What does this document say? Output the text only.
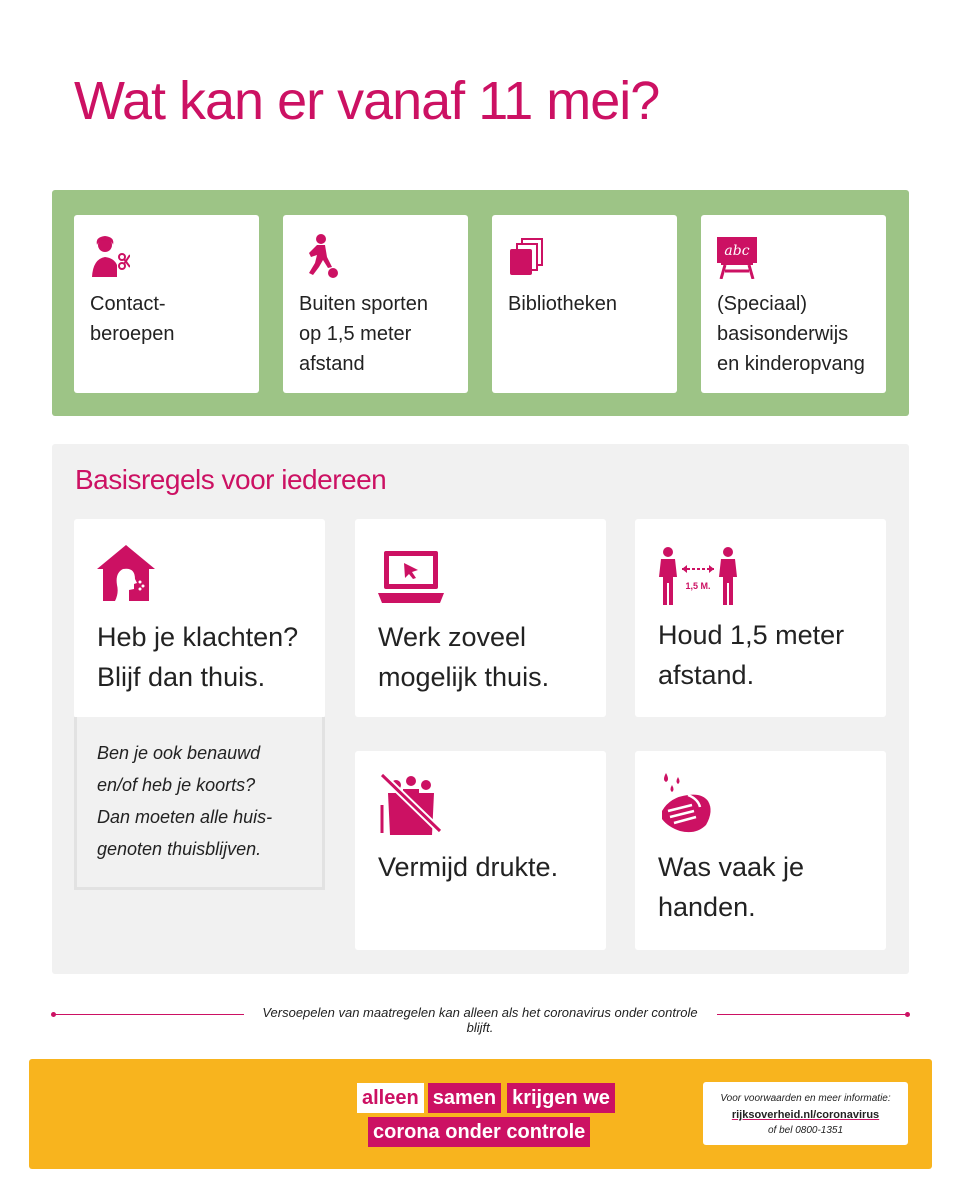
Wat kan er vanaf 11 mei?
Contact-
beroepen
Buiten sporten
op 1,5 meter
afstand
Bibliotheken
abc
(Speciaal)
basisonderwijs
en kinderopvang
Basisregels voor iedereen
Heb je klachten?
Blijf dan thuis.
Ben je ook benauwd
en/of heb je koorts?
Dan moeten alle huis-
genoten thuisblijven.
Werk zoveel
mogelijk thuis.
1,5 M.
Houd 1,5 meter
afstand.
Vermijd drukte.	Was vaak je
handen.
Versoepelen van maatregelen kan alleen als het coronavirus onder controle blijft.
alleen samen krijgen we
corona onder controle
Voor voorwaarden en meer informatie:
rijksoverheid.nl/coronavirus
of bel 0800-1351
